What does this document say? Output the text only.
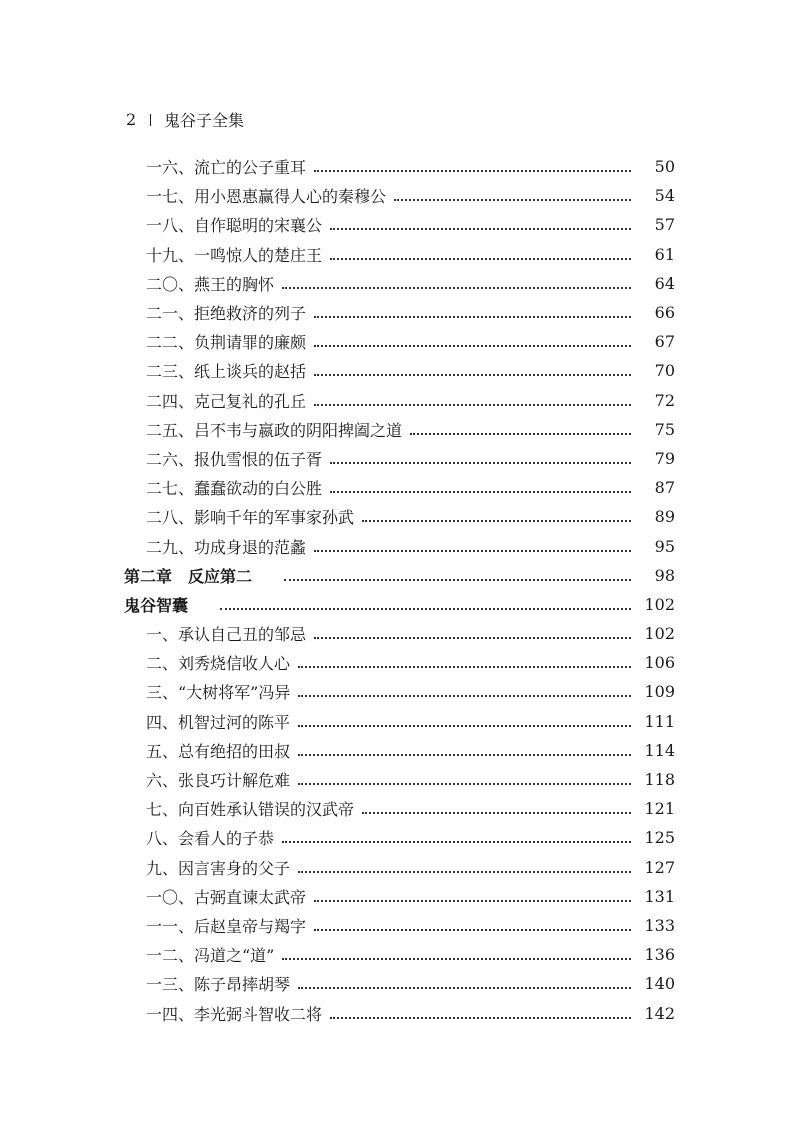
2 鬼谷子全集
一六、流亡的公子重耳	50
一七、用小恩惠赢得人心的秦穆公	54
一八、自作聪明的宋襄公	57
十九、一鸣惊人的楚庄王	61
二〇、燕王的胸怀	64
二一、拒绝救济的列子	66
二二、负荆请罪的廉颇	67
二三、纸上谈兵的赵括	70
二四、克己复礼的孔丘	72
二五、吕不韦与嬴政的阴阳捭阖之道	75
二六、报仇雪恨的伍子胥	79
二七、蠢蠢欲动的白公胜	87
二八、影响千年的军事家孙武	89
二九、功成身退的范蠡	95
第二章　反应第二	98
鬼谷智囊	102
一、承认自己丑的邹忌	102
二、刘秀烧信收人心	106
三、“大树将军”冯异	109
四、机智过河的陈平	111
五、总有绝招的田叔	114
六、张良巧计解危难	118
七、向百姓承认错误的汉武帝	121
八、会看人的子恭	125
九、因言害身的父子	127
一〇、古弼直谏太武帝	131
一一、后赵皇帝与羯字	133
一二、冯道之“道”	136
一三、陈子昂摔胡琴	140
一四、李光弼斗智收二将	142
